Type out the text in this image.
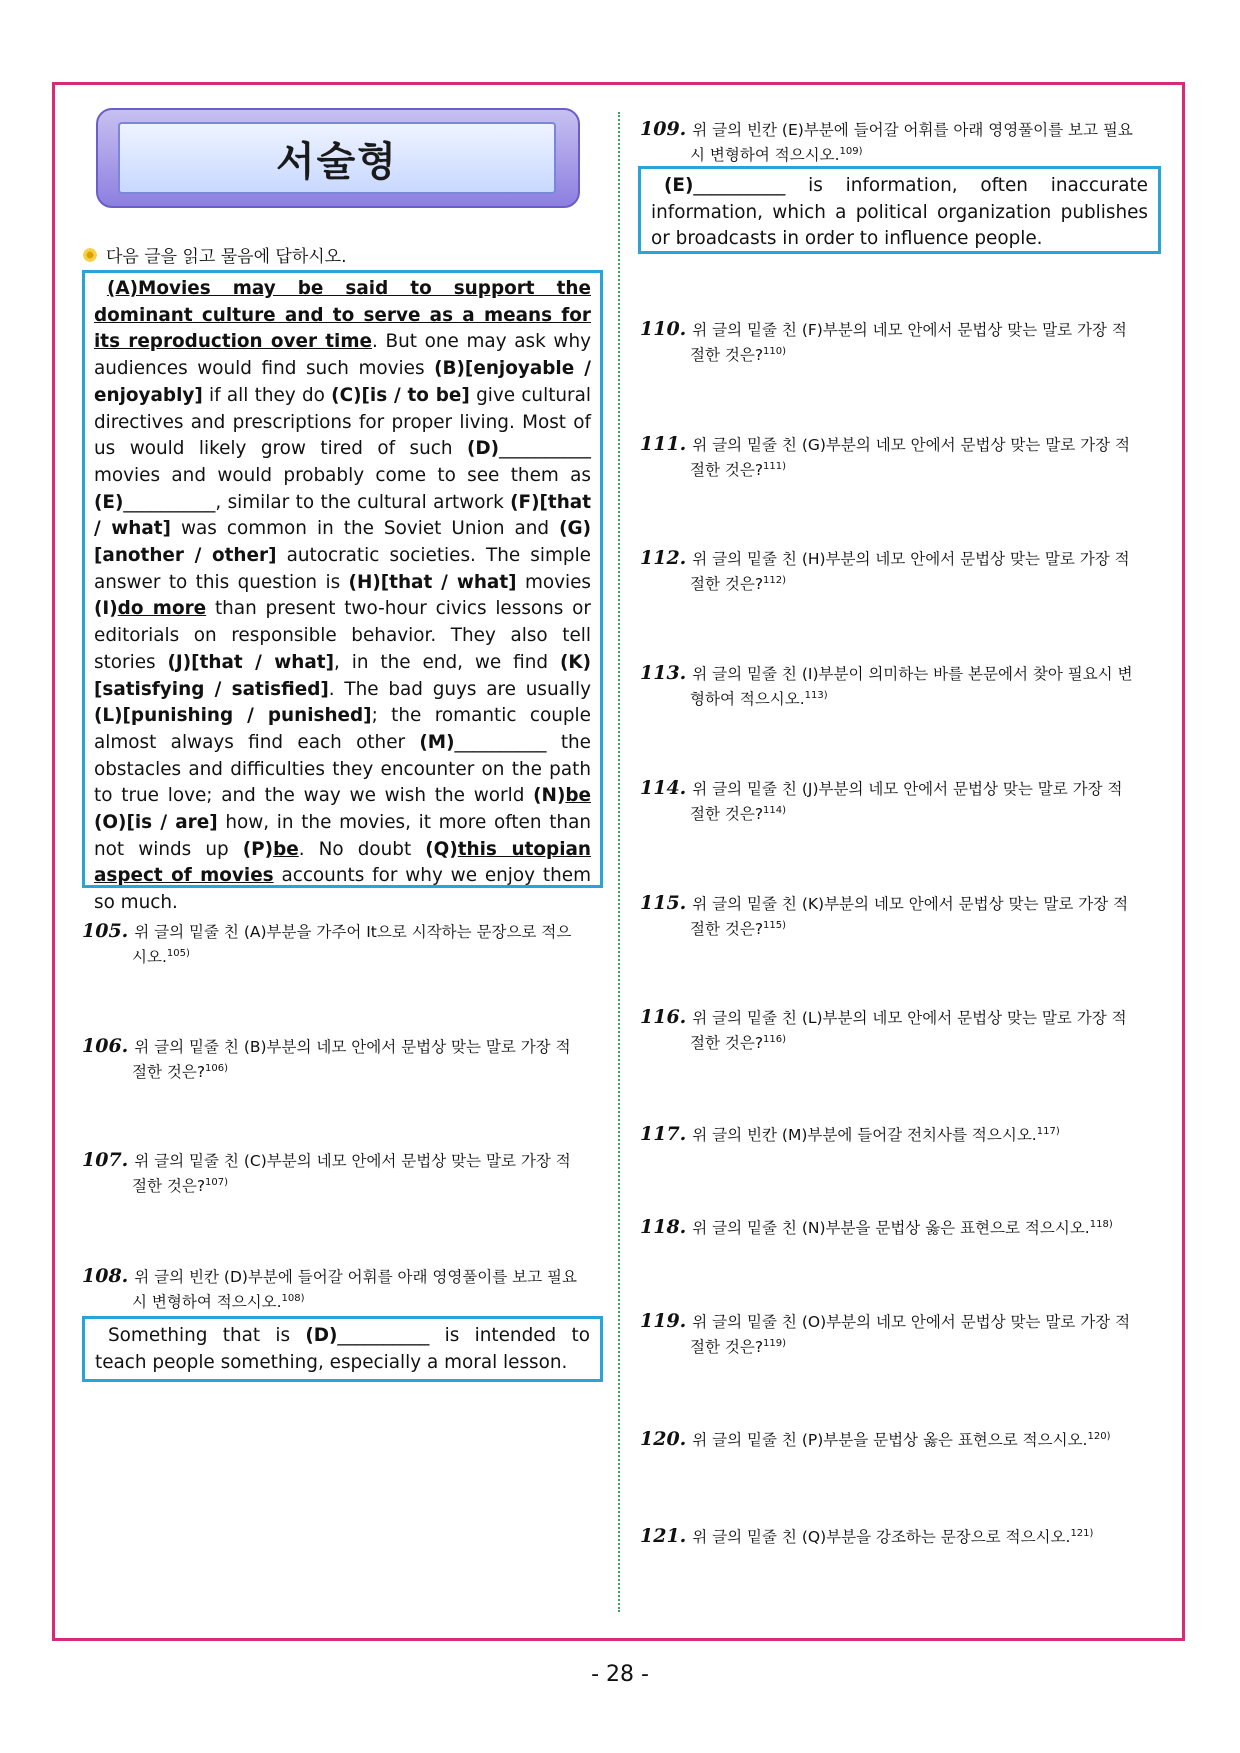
서술형
다음 글을 읽고 물음에 답하시오.

(A)Movies may be said to support the dominant culture and to serve as a means for its reproduction over time. But one may ask why audiences would find such movies (B)[enjoyable / enjoyably] if all they do (C)[is / to be] give cultural directives and prescriptions for proper living. Most of us would likely grow tired of such (D)__________ movies and would probably come to see them as (E)__________, similar to the cultural artwork (F)[that / what] was common in the Soviet Union and (G)[another / other] autocratic societies. The simple answer to this question is (H)[that / what] movies (I)do more than present two-hour civics lessons or editorials on responsible behavior. They also tell stories (J)[that / what], in the end, we find (K)[satisfying / satisfied]. The bad guys are usually (L)[punishing / punished]; the romantic couple almost always find each other (M)__________ the obstacles and difficulties they encounter on the path to true love; and the way we wish the world (N)be (O)[is / are] how, in the movies, it more often than not winds up (P)be. No doubt (Q)this utopian aspect of movies accounts for why we enjoy them so much.

105. 위 글의 밑줄 친 (A)부분을 가주어 It으로 시작하는 문장으로 적으
시오.$^{105)}$
106. 위 글의 밑줄 친 (B)부분의 네모 안에서 문법상 맞는 말로 가장 적
절한 것은?$^{106)}$
107. 위 글의 밑줄 친 (C)부분의 네모 안에서 문법상 맞는 말로 가장 적
절한 것은?$^{107)}$
108. 위 글의 빈칸 (D)부분에 들어갈 어휘를 아래 영영풀이를 보고 필요
시 변형하여 적으시오.$^{108)}$

Something that is (D)__________ is intended to teach people something, especially a moral lesson.

109. 위 글의 빈칸 (E)부분에 들어갈 어휘를 아래 영영풀이를 보고 필요
시 변형하여 적으시오.$^{109)}$

(E)__________ is information, often inaccurate information, which a political organization publishes or broadcasts in order to influence people.

110. 위 글의 밑줄 친 (F)부분의 네모 안에서 문법상 맞는 말로 가장 적
절한 것은?$^{110)}$
111. 위 글의 밑줄 친 (G)부분의 네모 안에서 문법상 맞는 말로 가장 적
절한 것은?$^{111)}$
112. 위 글의 밑줄 친 (H)부분의 네모 안에서 문법상 맞는 말로 가장 적
절한 것은?$^{112)}$
113. 위 글의 밑줄 친 (I)부분이 의미하는 바를 본문에서 찾아 필요시 변
형하여 적으시오.$^{113)}$
114. 위 글의 밑줄 친 (J)부분의 네모 안에서 문법상 맞는 말로 가장 적
절한 것은?$^{114)}$
115. 위 글의 밑줄 친 (K)부분의 네모 안에서 문법상 맞는 말로 가장 적
절한 것은?$^{115)}$
116. 위 글의 밑줄 친 (L)부분의 네모 안에서 문법상 맞는 말로 가장 적
절한 것은?$^{116)}$
117. 위 글의 빈칸 (M)부분에 들어갈 전치사를 적으시오.$^{117)}$
118. 위 글의 밑줄 친 (N)부분을 문법상 옳은 표현으로 적으시오.$^{118)}$
119. 위 글의 밑줄 친 (O)부분의 네모 안에서 문법상 맞는 말로 가장 적
절한 것은?$^{119)}$
120. 위 글의 밑줄 친 (P)부분을 문법상 옳은 표현으로 적으시오.$^{120)}$
121. 위 글의 밑줄 친 (Q)부분을 강조하는 문장으로 적으시오.$^{121)}$
- 28 -
